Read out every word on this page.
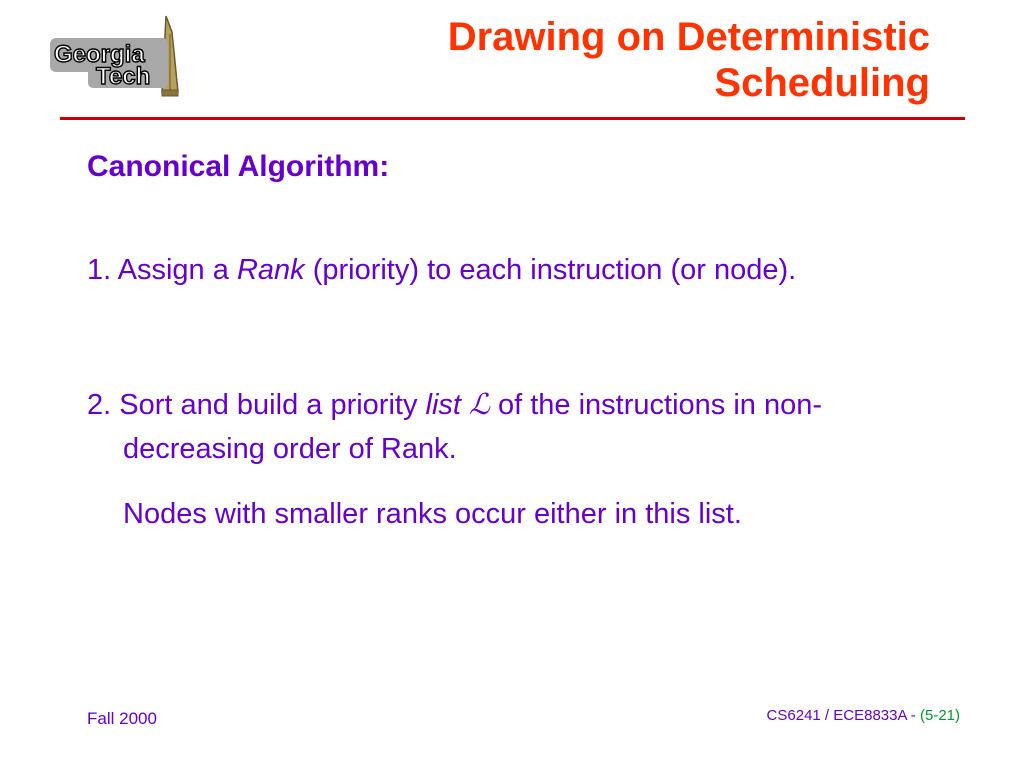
Georgia
Tech
Drawing on Deterministic
Scheduling
Canonical Algorithm:
1. Assign a Rank (priority) to each instruction (or node).
2. Sort and build a priority list ℒ of the instructions in non-decreasing order of Rank.
Nodes with smaller ranks occur either in this list.
Fall 2000	CS6241 / ECE8833A - (5-21)
